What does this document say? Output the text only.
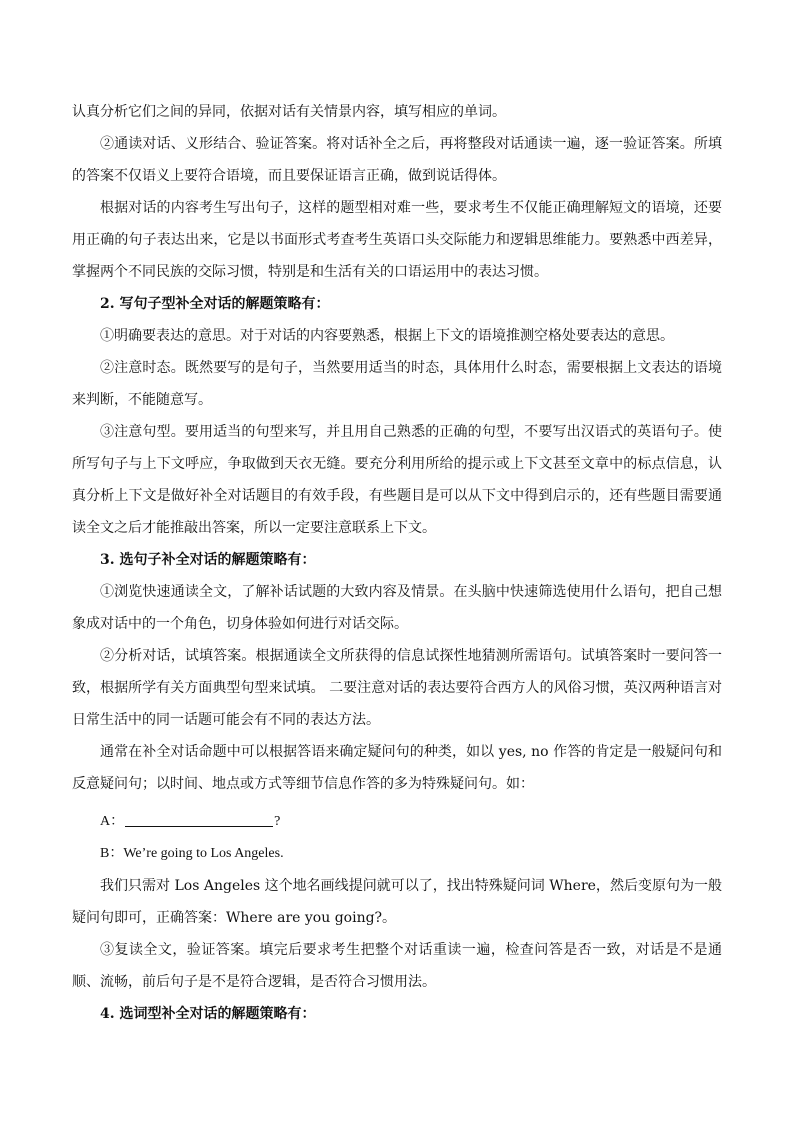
认真分析它们之间的异同，依据对话有关情景内容，填写相应的单词。

②通读对话、义形结合、验证答案。将对话补全之后，再将整段对话通读一遍，逐一验证答案。所填的答案不仅语义上要符合语境，而且要保证语言正确，做到说话得体。

根据对话的内容考生写出句子，这样的题型相对难一些，要求考生不仅能正确理解短文的语境，还要用正确的句子表达出来，它是以书面形式考查考生英语口头交际能力和逻辑思维能力。要熟悉中西差异，掌握两个不同民族的交际习惯，特别是和生活有关的口语运用中的表达习惯。

2. 写句子型补全对话的解题策略有：

①明确要表达的意思。对于对话的内容要熟悉，根据上下文的语境推测空格处要表达的意思。

②注意时态。既然要写的是句子，当然要用适当的时态，具体用什么时态，需要根据上文表达的语境来判断，不能随意写。

③注意句型。要用适当的句型来写，并且用自己熟悉的正确的句型，不要写出汉语式的英语句子。使所写句子与上下文呼应，争取做到天衣无缝。要充分利用所给的提示或上下文甚至文章中的标点信息，认真分析上下文是做好补全对话题目的有效手段，有些题目是可以从下文中得到启示的，还有些题目需要通读全文之后才能推敲出答案，所以一定要注意联系上下文。

3. 选句子补全对话的解题策略有：

①浏览快速通读全文，了解补话试题的大致内容及情景。在头脑中快速筛选使用什么语句，把自己想象成对话中的一个角色，切身体验如何进行对话交际。

②分析对话，试填答案。根据通读全文所获得的信息试探性地猜测所需语句。试填答案时一要问答一致，根据所学有关方面典型句型来试填。 二要注意对话的表达要符合西方人的风俗习惯，英汉两种语言对日常生活中的同一话题可能会有不同的表达方法。

通常在补全对话命题中可以根据答语来确定疑问句的种类，如以 yes, no 作答的肯定是一般疑问句和反意疑问句；以时间、地点或方式等细节信息作答的多为特殊疑问句。如：

A：	?

B：We’re going to Los Angeles.

我们只需对 Los Angeles 这个地名画线提问就可以了，找出特殊疑问词 Where，然后变原句为一般疑问句即可，正确答案：Where are you going?。

③复读全文，验证答案。填完后要求考生把整个对话重读一遍，检查问答是否一致，对话是不是通顺、流畅，前后句子是不是符合逻辑，是否符合习惯用法。

4. 选词型补全对话的解题策略有：
